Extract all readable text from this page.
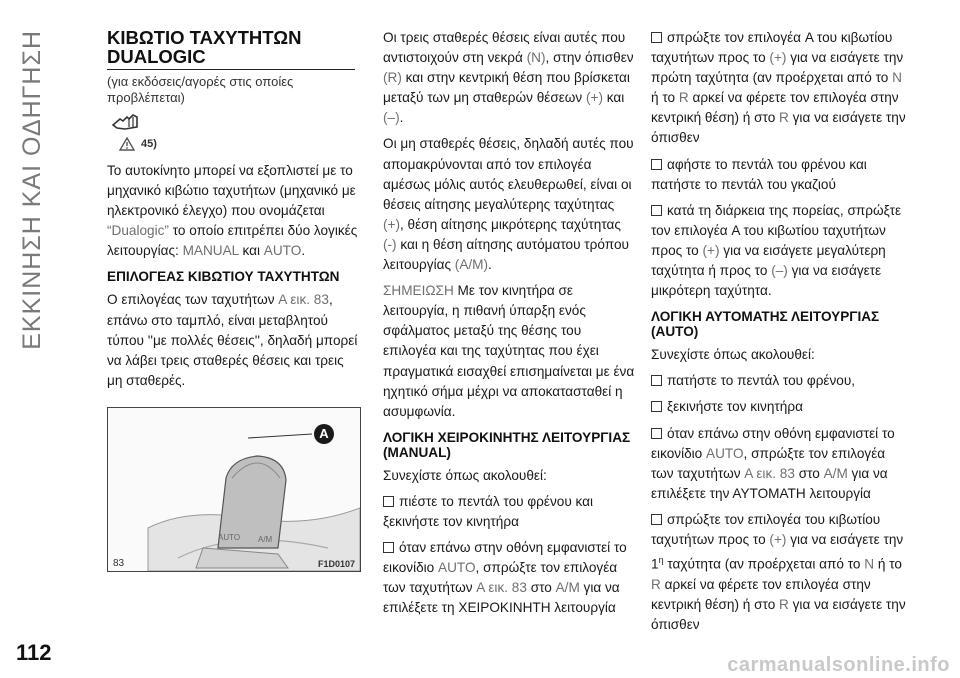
ΕΚΚΙΝΗΣΗ ΚΑΙ ΟΔΗΓΗΣΗ
112
ΚΙΒΩΤΙΟ ΤΑΧΥΤΗΤΩΝ
DUALOGIC
(για εκδόσεις/αγορές στις οποίες προβλέπεται)
45)

Το αυτοκίνητο μπορεί να εξοπλιστεί με το μηχανικό κιβώτιο ταχυτήτων (μηχανικό με ηλεκτρονικό έλεγχο) που ονομάζεται “Dualogic” το οποίο επιτρέπει δύο λογικές λειτουργίας: MANUAL και AUTO.

ΕΠΙΛΟΓΕΑΣ ΚΙΒΩΤΙΟΥ ΤΑΧΥΤΗΤΩΝ

Ο επιλογέας των ταχυτήτων A εικ. 83, επάνω στο ταμπλό, είναι μεταβλητού τύπου ''με πολλές θέσεις'', δηλαδή μπορεί να λάβει τρεις σταθερές θέσεις και τρεις μη σταθερές.

AUTO A/M
A
83	F1D0107

Οι τρεις σταθερές θέσεις είναι αυτές που αντιστοιχούν στη νεκρά (N), στην όπισθεν (R) και στην κεντρική θέση που βρίσκεται μεταξύ των μη σταθερών θέσεων (+) και (–).

Οι μη σταθερές θέσεις, δηλαδή αυτές που απομακρύνονται από τον επιλογέα αμέσως μόλις αυτός ελευθερωθεί, είναι οι θέσεις αίτησης μεγαλύτερης ταχύτητας (+), θέση αίτησης μικρότερης ταχύτητας (-) και η θέση αίτησης αυτόματου τρόπου λειτουργίας (A/M).

ΣΗΜΕΙΩΣΗ Με τον κινητήρα σε λειτουργία, η πιθανή ύπαρξη ενός σφάλματος μεταξύ της θέσης του επιλογέα και της ταχύτητας που έχει πραγματικά εισαχθεί επισημαίνεται με ένα ηχητικό σήμα μέχρι να αποκατασταθεί η ασυμφωνία.

ΛΟΓΙΚΗ ΧΕΙΡΟΚΙΝΗΤΗΣ ΛΕΙΤΟΥΡΓΙΑΣ (MANUAL)

Συνεχίστε όπως ακολουθεί:

πιέστε το πεντάλ του φρένου και ξεκινήστε τον κινητήρα

όταν επάνω στην οθόνη εμφανιστεί το εικονίδιο AUTO, σπρώξτε τον επιλογέα των ταχυτήτων A εικ. 83 στο A/M για να επιλέξετε τη ΧΕΙΡΟΚΙΝΗΤΗ λειτουργία

σπρώξτε τον επιλογέα A του κιβωτίου ταχυτήτων προς το (+) για να εισάγετε την πρώτη ταχύτητα (αν προέρχεται από το N ή το R αρκεί να φέρετε τον επιλογέα στην κεντρική θέση) ή στο R για να εισάγετε την όπισθεν

αφήστε το πεντάλ του φρένου και πατήστε το πεντάλ του γκαζιού

κατά τη διάρκεια της πορείας, σπρώξτε τον επιλογέα A του κιβωτίου ταχυτήτων προς το (+) για να εισάγετε μεγαλύτερη ταχύτητα ή προς το (–) για να εισάγετε μικρότερη ταχύτητα.

ΛΟΓΙΚΗ ΑΥΤΟΜΑΤΗΣ ΛΕΙΤΟΥΡΓΙΑΣ (AUTO)

Συνεχίστε όπως ακολουθεί:

πατήστε το πεντάλ του φρένου,

ξεκινήστε τον κινητήρα

όταν επάνω στην οθόνη εμφανιστεί το εικονίδιο AUTO, σπρώξτε τον επιλογέα των ταχυτήτων A εικ. 83 στο A/M για να επιλέξετε την ΑΥΤΟΜΑΤΗ λειτουργία

σπρώξτε τον επιλογέα του κιβωτίου ταχυτήτων προς το (+) για να εισάγετε την $1^\eta$ ταχύτητα (αν προέρχεται από το N ή το R αρκεί να φέρετε τον επιλογέα στην κεντρική θέση) ή στο R για να εισάγετε την όπισθεν

carmanualsonline.info
